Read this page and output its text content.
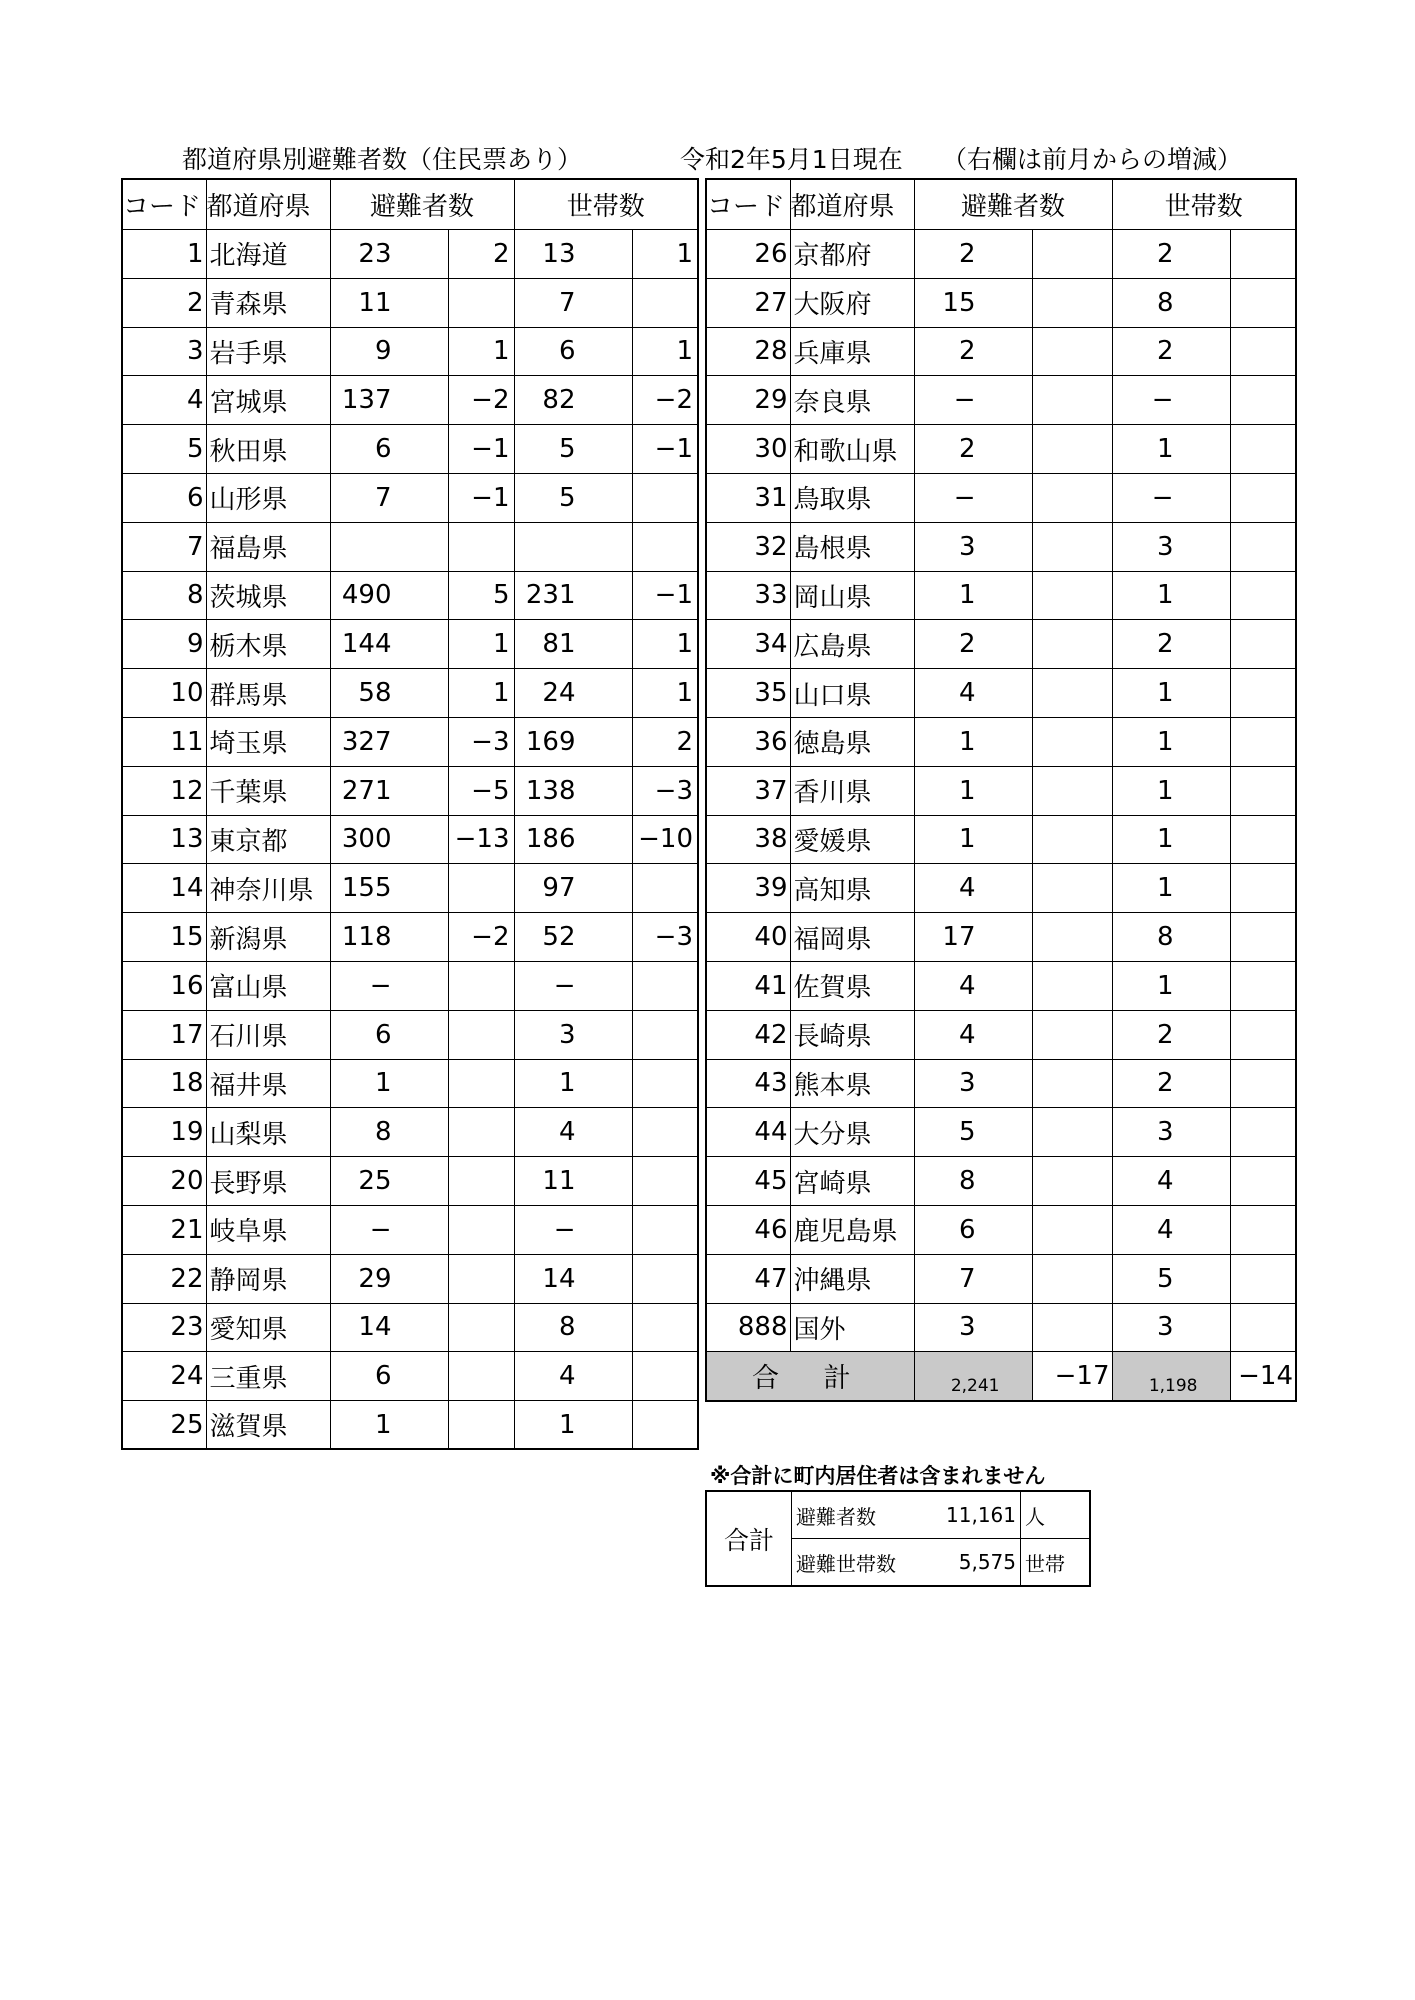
都道府県別避難者数（住民票あり）	令和2年5月1日現在 （右欄は前月からの増減）
コード	都道府県	避難者数		世帯数	
1	北海道	23	2	13	1
2	青森県	11		7	
3	岩手県	9	1	6	1
4	宮城県	137	−2	82	−2
5	秋田県	6	−1	5	−1
6	山形県	7	−1	5	
7	福島県				
8	茨城県	490	5	231	−1
9	栃木県	144	1	81	1
10	群馬県	58	1	24	1
11	埼玉県	327	−3	169	2
12	千葉県	271	−5	138	−3
13	東京都	300	−13	186	−10
14	神奈川県	155		97	
15	新潟県	118	−2	52	−3
16	富山県	−		−	
17	石川県	6		3	
18	福井県	1		1	
19	山梨県	8		4	
20	長野県	25		11	
21	岐阜県	−		−	
22	静岡県	29		14	
23	愛知県	14		8	
24	三重県	6		4	
25	滋賀県	1		1	
コード	都道府県	避難者数		世帯数	
26	京都府	2		2	
27	大阪府	15		8	
28	兵庫県	2		2	
29	奈良県	−		−	
30	和歌山県	2		1	
31	鳥取県	−		−	
32	島根県	3		3	
33	岡山県	1		1	
34	広島県	2		2	
35	山口県	4		1	
36	徳島県	1		1	
37	香川県	1		1	
38	愛媛県	1		1	
39	高知県	4		1	
40	福岡県	17		8	
41	佐賀県	4		1	
42	長崎県	4		2	
43	熊本県	3		2	
44	大分県	5		3	
45	宮崎県	8		4	
46	鹿児島県	6		4	
47	沖縄県	7		5	
888	国外	3		3	
合 計		2,241	−17	1,198	−14
※合計に町内居住者は含まれません
合計	避難者数	11,161	人
	避難世帯数	5,575	世帯
